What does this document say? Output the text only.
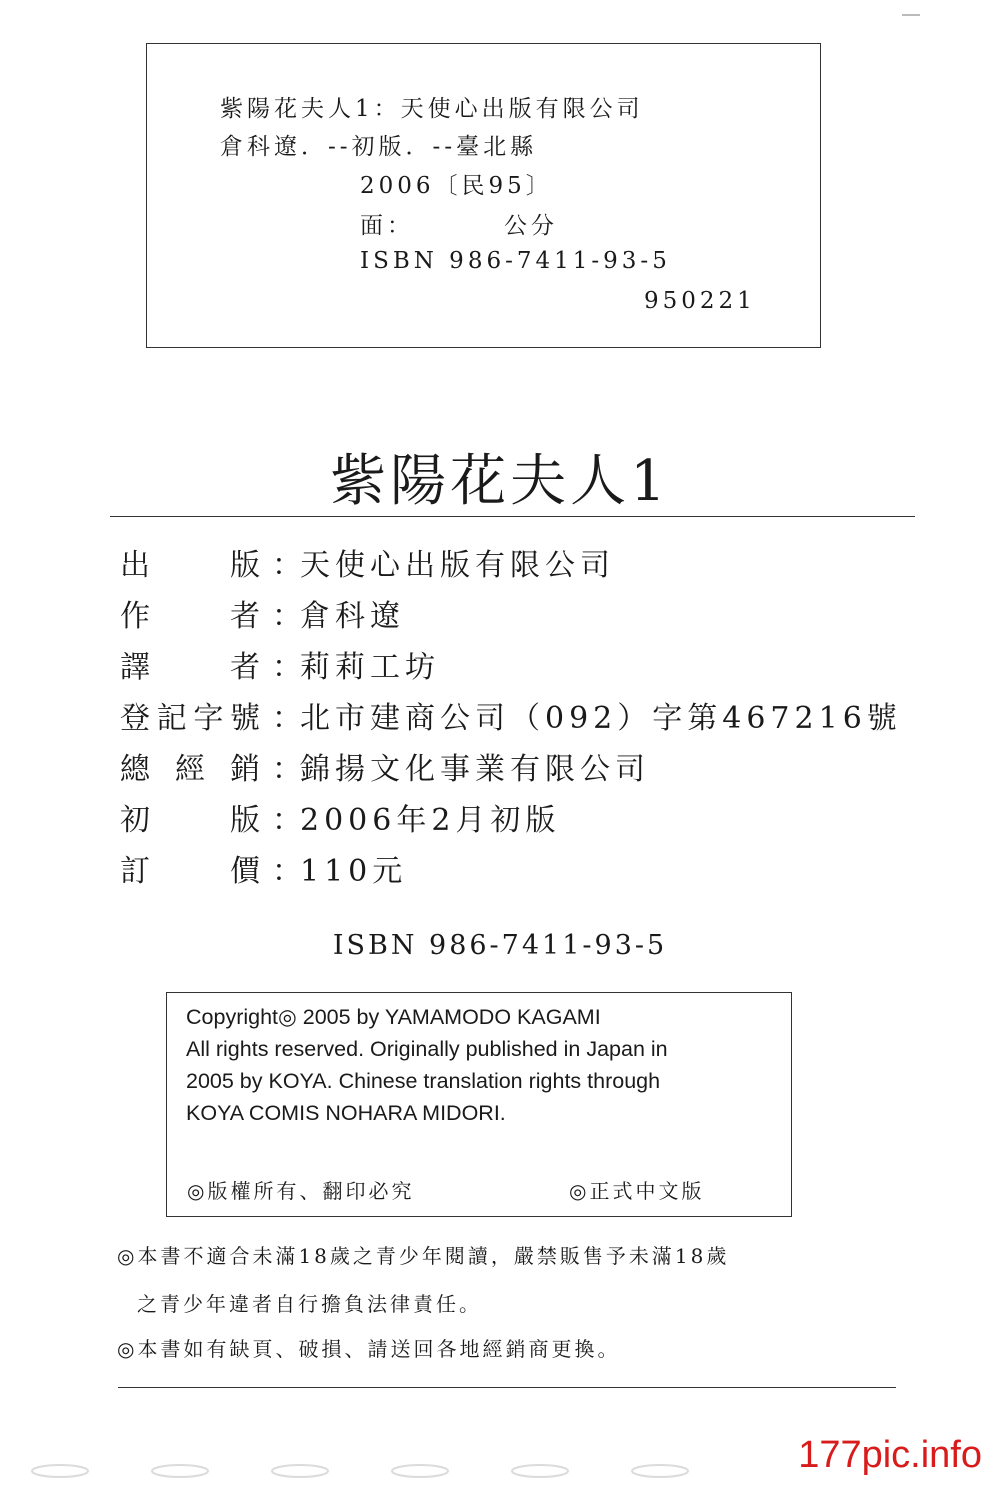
紫陽花夫人1：天使心出版有限公司
倉科遼．--初版．--臺北縣
2006〔民95〕
面：	公分
ISBN 986-7411-93-5
950221
紫陽花夫人1
出版 ：
天使心出版有限公司
作者 ：
倉科遼
譯者 ：
莉莉工坊
登記字號 ：
北市建商公司（092）字第467216號
總經銷 ：
錦揚文化事業有限公司
初版 ：
2006年2月初版
訂價 ：
110元
ISBN 986-7411-93-5
Copyright◎ 2005 by YAMAMODO KAGAMI
All rights reserved. Originally published in Japan in
2005 by KOYA. Chinese translation rights through
KOYA COMIS NOHARA MIDORI.
◎版權所有、翻印必究	◎正式中文版
◎本書不適合未滿18歲之青少年閱讀，嚴禁販售予未滿18歲
之青少年違者自行擔負法律責任。
◎本書如有缺頁、破損、請送回各地經銷商更換。
177pic.info
